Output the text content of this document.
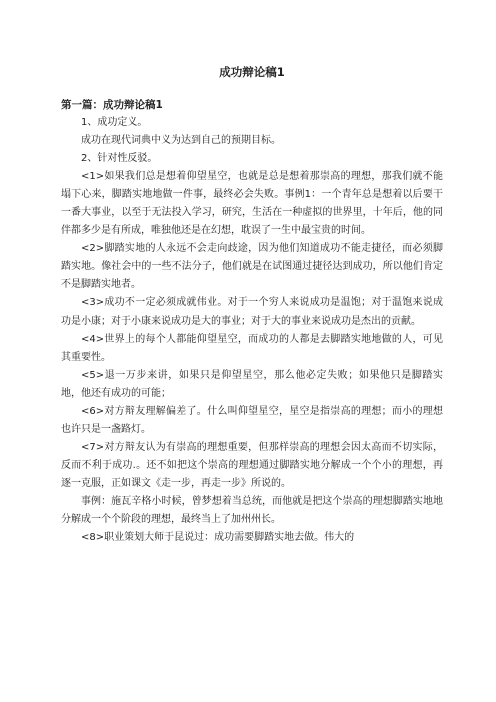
成功辩论稿1
第一篇：成功辩论稿1

1、成功定义。

成功在现代词典中义为达到自己的预期目标。

2、针对性反驳。

<1>如果我们总是想着仰望星空，也就是总是想着那崇高的理想，那我们就不能塌下心来，脚踏实地地做一件事，最终必会失败。事例1：一个青年总是想着以后要干一番大事业，以至于无法投入学习，研究，生活在一种虚拟的世界里，十年后，他的同伴都多少是有所成，唯独他还是在幻想，耽误了一生中最宝贵的时间。

<2>脚踏实地的人永远不会走向歧途，因为他们知道成功不能走捷径，而必须脚踏实地。像社会中的一些不法分子，他们就是在试图通过捷径达到成功，所以他们肯定不是脚踏实地者。

<3>成功不一定必须成就伟业。对于一个穷人来说成功是温饱；对于温饱来说成功是小康；对于小康来说成功是大的事业；对于大的事业来说成功是杰出的贡献。

<4>世界上的每个人都能仰望星空，而成功的人都是去脚踏实地地做的人，可见其重要性。

<5>退一万步来讲，如果只是仰望星空，那么他必定失败；如果他只是脚踏实地，他还有成功的可能；

<6>对方辩友理解偏差了。什么叫仰望星空，星空是指崇高的理想；而小的理想也许只是一盏路灯。

<7>对方辩友认为有崇高的理想重要，但那样崇高的理想会因太高而不切实际，反而不利于成功.。还不如把这个崇高的理想通过脚踏实地分解成一个个小的理想，再逐一克服，正如课文《走一步，再走一步》所说的。

事例：施瓦辛格小时候，曾梦想着当总统，而他就是把这个崇高的理想脚踏实地地分解成一个个阶段的理想，最终当上了加州州长。

<8>职业策划大师于昆说过：成功需要脚踏实地去做。伟大的
